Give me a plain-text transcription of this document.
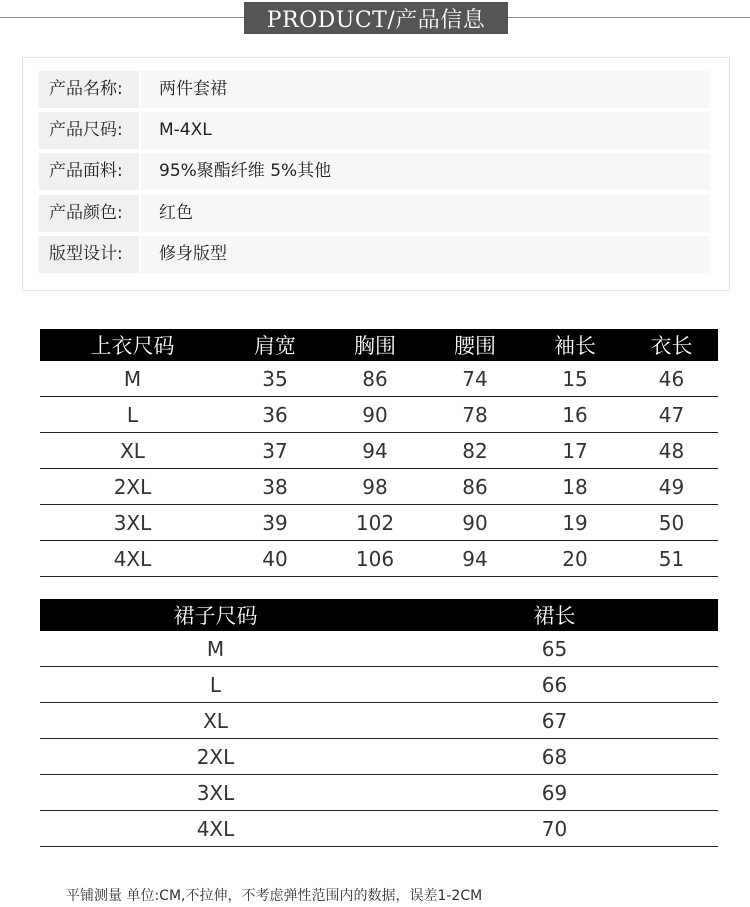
PRODUCT/产品信息
产品名称:	两件套裙
产品尺码:	M-4XL
产品面料:	95%聚酯纤维 5%其他
产品颜色:	红色
版型设计:	修身版型
上衣尺码	肩宽	胸围	腰围	袖长	衣长
M	35	86	74	15	46
L	36	90	78	16	47
XL	37	94	82	17	48
2XL	38	98	86	18	49
3XL	39	102	90	19	50
4XL	40	106	94	20	51
裙子尺码	裙长
M	65
L	66
XL	67
2XL	68
3XL	69
4XL	70
平铺测量 单位:CM,不拉伸，不考虑弹性范围内的数据，误差1-2CM
